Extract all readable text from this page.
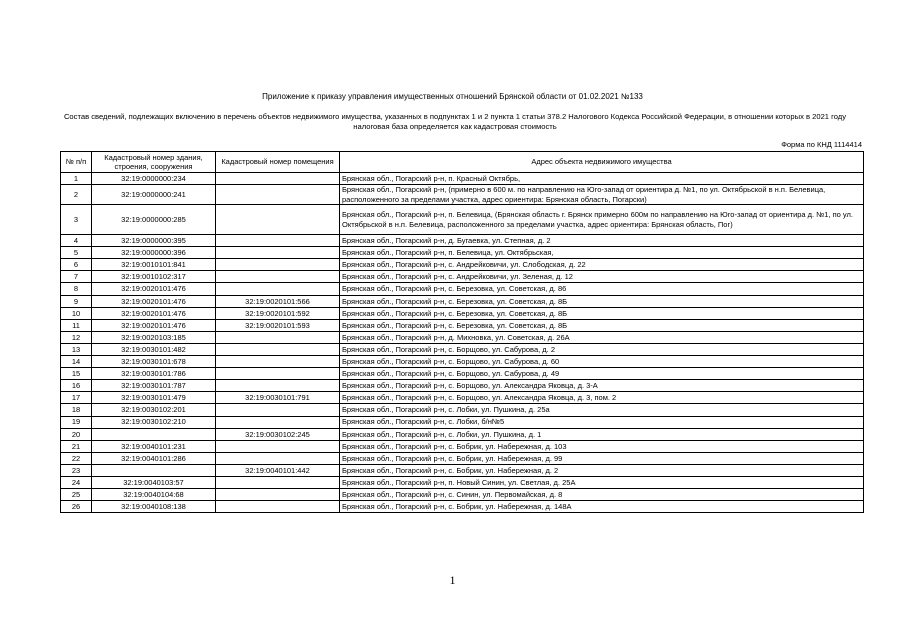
Приложение к приказу управления имущественных отношений Брянской области от 01.02.2021 №133
Состав сведений, подлежащих включению в перечень объектов недвижимого имущества, указанных в подпунктах 1 и 2 пункта 1 статьи 378.2 Налогового Кодекса Российской Федерации, в отношении которых в 2021 году налоговая база определяется как кадастровая стоимость
Форма по КНД 1114414
№ п/п	Кадастровый номер здания, строения, сооружения	Кадастровый номер помещения	Адрес объекта недвижимого имущества
1	32:19:0000000:234		Брянская обл., Погарский р-н, п. Красный Октябрь,
2	32:19:0000000:241		Брянская обл., Погарский р-н, (примерно в 600 м. по направлению на Юго-запад от ориентира д. №1, по ул. Октябрьской в н.п. Белевица, расположенного за пределами участка, адрес ориентира: Брянская область, Погарски)
3	32:19:0000000:285		Брянская обл., Погарский р-н, п. Белевица, (Брянская область г. Брянск примерно 600м по направлению на Юго-запад от ориентира д. №1, по ул. Октябрьской в н.п. Белевица, расположенного за пределами участка, адрес ориентира: Брянская область, Пог)
4	32:19:0000000:395		Брянская обл., Погарский р-н, д. Бугаевка, ул. Степная, д. 2
5	32:19:0000000:396		Брянская обл., Погарский р-н, п. Белевица, ул. Октябрьская,
6	32:19:0010101:841		Брянская обл., Погарский р-н, с. Андрейковичи, ул. Слободская, д. 22
7	32:19:0010102:317		Брянская обл., Погарский р-н, с. Андрейковичи, ул. Зеленая, д. 12
8	32:19:0020101:476		Брянская обл., Погарский р-н, с. Березовка, ул. Советская, д. 86
9	32:19:0020101:476	32:19:0020101:566	Брянская обл., Погарский р-н, с. Березовка, ул. Советская, д. 8Б
10	32:19:0020101:476	32:19:0020101:592	Брянская обл., Погарский р-н, с. Березовка, ул. Советская, д. 8Б
11	32:19:0020101:476	32:19:0020101:593	Брянская обл., Погарский р-н, с. Березовка, ул. Советская, д. 8Б
12	32:19:0020103:185		Брянская обл., Погарский р-н, д. Михновка, ул. Советская, д. 26А
13	32:19:0030101:482		Брянская обл., Погарский р-н, с. Борщово, ул. Сабурова, д. 2
14	32:19:0030101:678		Брянская обл., Погарский р-н, с. Борщово, ул. Сабурова, д. 60
15	32:19:0030101:786		Брянская обл., Погарский р-н, с. Борщово, ул. Сабурова, д. 49
16	32:19:0030101:787		Брянская обл., Погарский р-н, с. Борщово, ул. Александра Яковца, д. 3-А
17	32:19:0030101:479	32:19:0030101:791	Брянская обл., Погарский р-н, с. Борщово, ул. Александра Яковца, д. 3, пом. 2
18	32:19:0030102:201		Брянская обл., Погарский р-н, с. Лобки, ул. Пушкина, д. 25а
19	32:19:0030102:210		Брянская обл., Погарский р-н, с. Лобки, б/н№5
20		32:19:0030102:245	Брянская обл., Погарский р-н, с. Лобки, ул. Пушкина, д. 1
21	32:19:0040101:231		Брянская обл., Погарский р-н, с. Бобрик, ул. Набережная, д. 103
22	32:19:0040101:286		Брянская обл., Погарский р-н, с. Бобрик, ул. Набережная, д. 99
23		32:19:0040101:442	Брянская обл., Погарский р-н, с. Бобрик, ул. Набережная, д. 2
24	32:19:0040103:57		Брянская обл., Погарский р-н, п. Новый Синин, ул. Светлая, д. 25А
25	32:19:0040104:68		Брянская обл., Погарский р-н, с. Синин, ул. Первомайская, д. 8
26	32:19:0040108:138		Брянская обл., Погарский р-н, с. Бобрик, ул. Набережная, д. 148А
1
